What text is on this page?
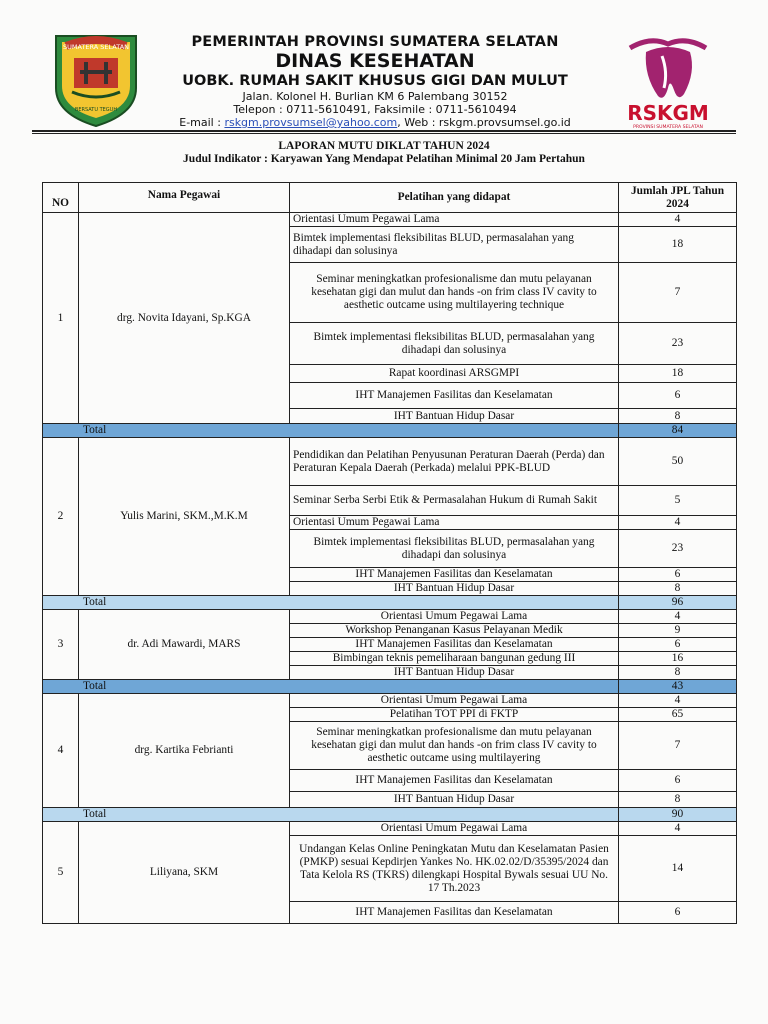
SUMATERA SELATAN
BERSATU TEGUH
PEMERINTAH PROVINSI SUMATERA SELATAN
DINAS KESEHATAN
UOBK. RUMAH SAKIT KHUSUS GIGI DAN MULUT
Jalan. Kolonel H. Burlian KM 6 Palembang 30152
Telepon : 0711-5610491, Faksimile : 0711-5610494
E-mail : rskgm.provsumsel@yahoo.com, Web : rskgm.provsumsel.go.id	RSKGM
PROVINSI SUMATERA SELATAN
LAPORAN MUTU DIKLAT TAHUN 2024
Judul Indikator : Karyawan Yang Mendapat Pelatihan Minimal 20 Jam Pertahun
NO	Nama Pegawai	Pelatihan yang didapat	Jumlah JPL Tahun 2024
1	drg. Novita Idayani, Sp.KGA	Orientasi Umum Pegawai Lama	4
		Bimtek implementasi fleksibilitas BLUD, permasalahan yang dihadapi dan solusinya	18
		Seminar meningkatkan profesionalisme dan mutu pelayanan kesehatan gigi dan mulut dan hands -on frim class IV cavity to aesthetic outcame using multilayering technique	7
		Bimtek implementasi fleksibilitas BLUD, permasalahan yang dihadapi dan solusinya	23
		Rapat koordinasi ARSGMPI	18
		IHT Manajemen Fasilitas dan Keselamatan	6
		IHT Bantuan Hidup Dasar	8
Total			84
2	Yulis Marini, SKM.,M.K.M	Pendidikan dan Pelatihan Penyusunan Peraturan Daerah (Perda) dan Peraturan Kepala Daerah (Perkada) melalui PPK-BLUD	50
		Seminar Serba Serbi Etik & Permasalahan Hukum di Rumah Sakit	5
		Orientasi Umum Pegawai Lama	4
		Bimtek implementasi fleksibilitas BLUD, permasalahan yang dihadapi dan solusinya	23
		IHT Manajemen Fasilitas dan Keselamatan	6
		IHT Bantuan Hidup Dasar	8
Total			96
3	dr. Adi Mawardi, MARS	Orientasi Umum Pegawai Lama	4
		Workshop Penanganan Kasus Pelayanan Medik	9
		IHT Manajemen Fasilitas dan Keselamatan	6
		Bimbingan teknis pemeliharaan bangunan gedung III	16
		IHT Bantuan Hidup Dasar	8
Total			43
4	drg. Kartika Febrianti	Orientasi Umum Pegawai Lama	4
		Pelatihan TOT PPI di FKTP	65
		Seminar meningkatkan profesionalisme dan mutu pelayanan kesehatan gigi dan mulut dan hands -on frim class IV cavity to aesthetic outcame using multilayering	7
		IHT Manajemen Fasilitas dan Keselamatan	6
		IHT Bantuan Hidup Dasar	8
Total			90
5	Liliyana, SKM	Orientasi Umum Pegawai Lama	4
		Undangan Kelas Online Peningkatan Mutu dan Keselamatan Pasien (PMKP) sesuai Kepdirjen Yankes No. HK.02.02/D/35395/2024 dan Tata Kelola RS (TKRS) dilengkapi Hospital Bywals sesuai UU No. 17 Th.2023	14
		IHT Manajemen Fasilitas dan Keselamatan	6
